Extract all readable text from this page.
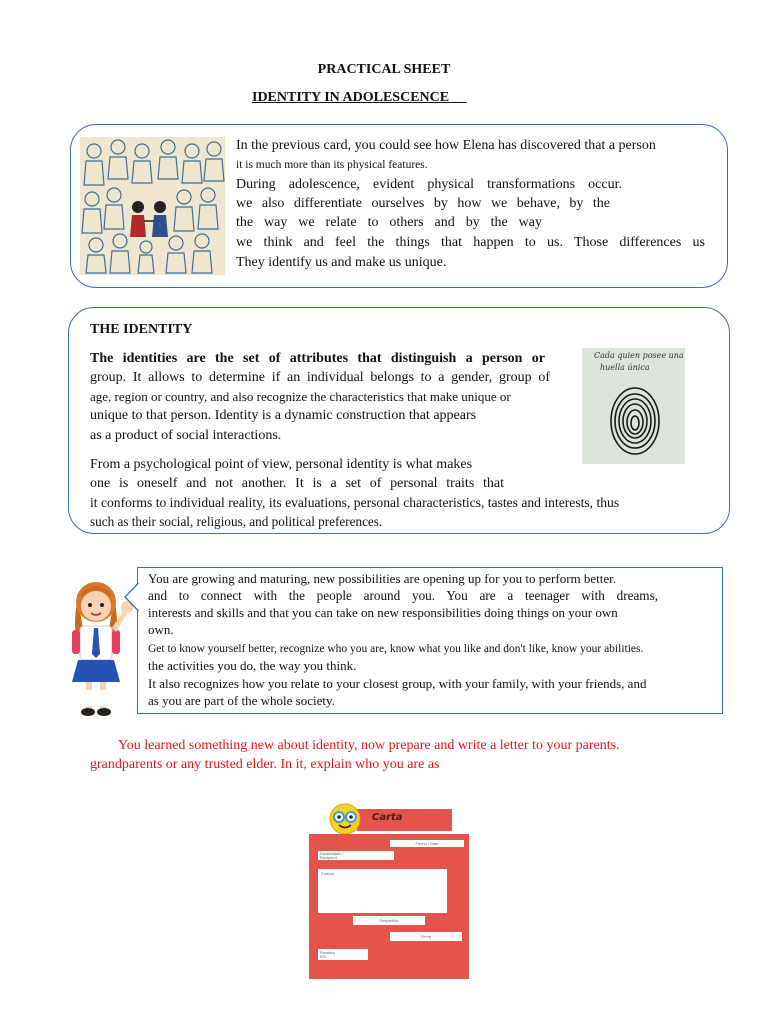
PRACTICAL SHEET
IDENTITY IN ADOLESCENCE
In the previous card, you could see how Elena has discovered that a person
it is much more than its physical features.
During adolescence, evident physical transformations occur.
we also differentiate ourselves by how we behave, by the
the way we relate to others and by the way
we think and feel the things that happen to us. Those differences us
They identify us and make us unique.
THE IDENTITY
The identities are the set of attributes that distinguish a person or
group. It allows to determine if an individual belongs to a gender, group of
age, region or country, and also recognize the characteristics that make unique or
unique to that person. Identity is a dynamic construction that appears
as a product of social interactions.
From a psychological point of view, personal identity is what makes
one is oneself and not another. It is a set of personal traits that
it conforms to individual reality, its evaluations, personal characteristics, tastes and interests, thus
such as their social, religious, and political preferences.
Cada quien posee una
huella única
You are growing and maturing, new possibilities are opening up for you to perform better.
and to connect with the people around you. You are a teenager with dreams,
interests and skills and that you can take on new responsibilities doing things on your own
own.
Get to know yourself better, recognize who you are, know what you like and don't like, know your abilities.
the activities you do, the way you think.
It also recognizes how you relate to your closest group, with your family, with your friends, and
as you are part of the whole society.
You learned something new about identity, now prepare and write a letter to your parents.
grandparents or any trusted elder. In it, explain who you are as
Carta
Fecha / Date
Destinatario /
Recipient
Cuerpo
Despedida
Firma
Posdata
P.S.
